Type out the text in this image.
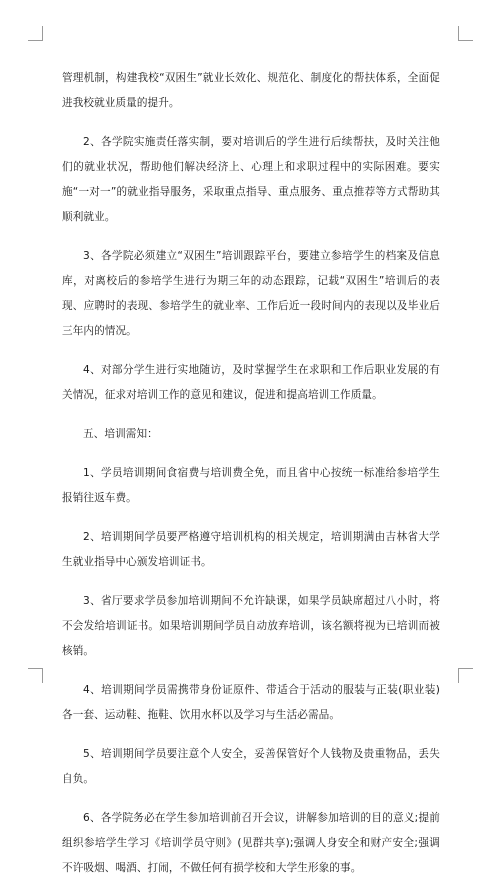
管理机制，构建我校“双困生”就业长效化、规范化、制度化的帮扶体系，全面促进我校就业质量的提升。

2、各学院实施责任落实制，要对培训后的学生进行后续帮扶，及时关注他们的就业状况，帮助他们解决经济上、心理上和求职过程中的实际困难。要实施“一对一”的就业指导服务，采取重点指导、重点服务、重点推荐等方式帮助其顺利就业。

3、各学院必须建立“双困生”培训跟踪平台，要建立参培学生的档案及信息库，对离校后的参培学生进行为期三年的动态跟踪，记载“双困生”培训后的表现、应聘时的表现、参培学生的就业率、工作后近一段时间内的表现以及毕业后三年内的情况。

4、对部分学生进行实地随访，及时掌握学生在求职和工作后职业发展的有关情况，征求对培训工作的意见和建议，促进和提高培训工作质量。

五、培训需知：

1、学员培训期间食宿费与培训费全免，而且省中心按统一标准给参培学生报销往返车费。

2、培训期间学员要严格遵守培训机构的相关规定，培训期满由吉林省大学生就业指导中心颁发培训证书。

3、省厅要求学员参加培训期间不允许缺课，如果学员缺席超过八小时，将不会发给培训证书。如果培训期间学员自动放弃培训，该名额将视为已培训而被核销。

4、培训期间学员需携带身份证原件、带适合于活动的服装与正装(职业装)各一套、运动鞋、拖鞋、饮用水杯以及学习与生活必需品。

5、培训期间学员要注意个人安全，妥善保管好个人钱物及贵重物品，丢失自负。

6、各学院务必在学生参加培训前召开会议，讲解参加培训的目的意义;提前组织参培学生学习《培训学员守则》(见群共享);强调人身安全和财产安全;强调不许吸烟、喝酒、打闹，不做任何有损学校和大学生形象的事。
